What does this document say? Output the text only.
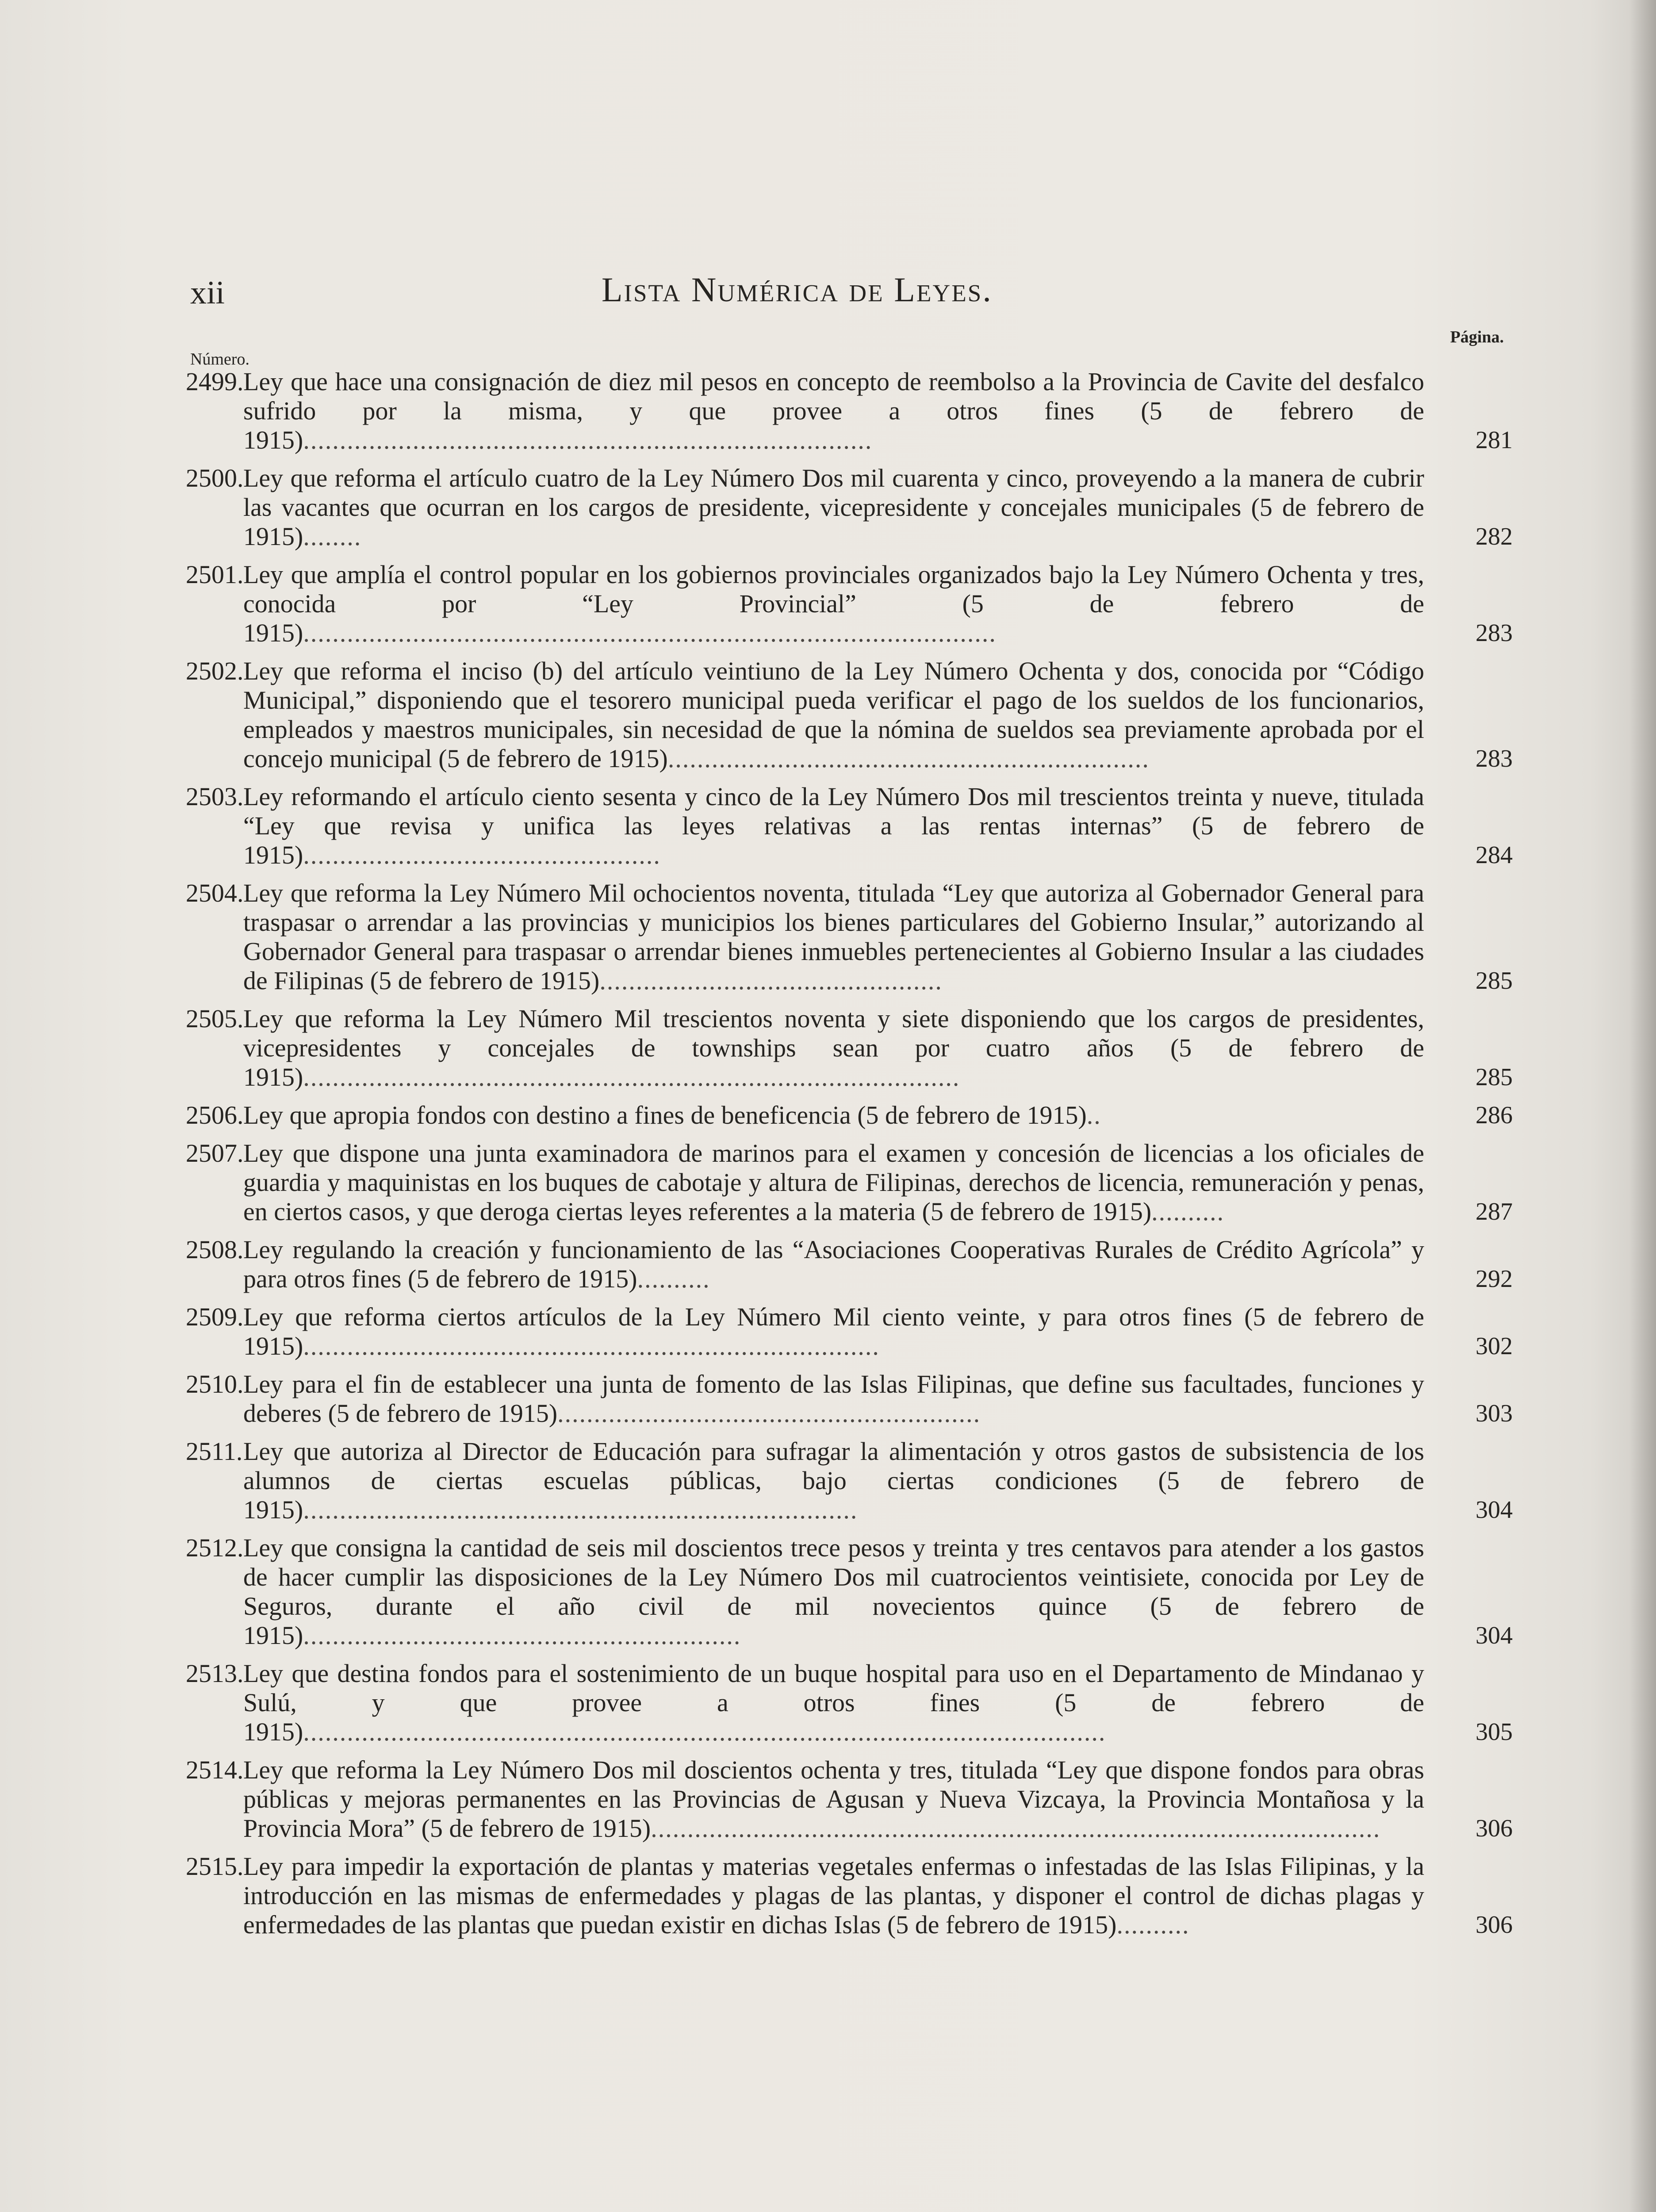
xii	Lista Numérica de Leyes.
Número.
Página.
2499. Ley que hace una consignación de diez mil pesos en concepto de reembolso a la Provincia de Cavite del desfalco sufrido por la misma, y que provee a otros fines (5 de febrero de 1915)..............................................................................	281
2500. Ley que reforma el artículo cuatro de la Ley Número Dos mil cuarenta y cinco, proveyendo a la manera de cubrir las vacantes que ocurran en los cargos de presidente, vicepresidente y concejales municipales (5 de febrero de 1915)........	282
2501. Ley que amplía el control popular en los gobiernos provinciales organizados bajo la Ley Número Ochenta y tres, conocida por “Ley Provincial” (5 de febrero de 1915)...............................................................................................	283
2502. Ley que reforma el inciso (b) del artículo veintiuno de la Ley Número Ochenta y dos, conocida por “Código Municipal,” disponiendo que el tesorero municipal pueda verificar el pago de los sueldos de los funcionarios, empleados y maestros municipales, sin necesidad de que la nómina de sueldos sea previamente aprobada por el concejo municipal (5 de febrero de 1915)..................................................................	283
2503. Ley reformando el artículo ciento sesenta y cinco de la Ley Número Dos mil trescientos treinta y nueve, titulada “Ley que revisa y unifica las leyes relativas a las rentas internas” (5 de febrero de 1915).................................................	284
2504. Ley que reforma la Ley Número Mil ochocientos noventa, titulada “Ley que autoriza al Gobernador General para traspasar o arrendar a las provincias y municipios los bienes particulares del Gobierno Insular,” autorizando al Gobernador General para traspasar o arrendar bienes inmuebles pertenecientes al Gobierno Insular a las ciudades de Filipinas (5 de febrero de 1915)...............................................	285
2505. Ley que reforma la Ley Número Mil trescientos noventa y siete disponiendo que los cargos de presidentes, vicepresidentes y concejales de townships sean por cuatro años (5 de febrero de 1915)..........................................................................................	285
2506. Ley que apropia fondos con destino a fines de beneficencia (5 de febrero de 1915)..	286
2507. Ley que dispone una junta examinadora de marinos para el examen y concesión de licencias a los oficiales de guardia y maquinistas en los buques de cabotaje y altura de Filipinas, derechos de licencia, remuneración y penas, en ciertos casos, y que deroga ciertas leyes referentes a la materia (5 de febrero de 1915)..........	287
2508. Ley regulando la creación y funcionamiento de las “Asociaciones Cooperativas Rurales de Crédito Agrícola” y para otros fines (5 de febrero de 1915)..........	292
2509. Ley que reforma ciertos artículos de la Ley Número Mil ciento veinte, y para otros fines (5 de febrero de 1915)...............................................................................	302
2510. Ley para el fin de establecer una junta de fomento de las Islas Filipinas, que define sus facultades, funciones y deberes (5 de febrero de 1915)..........................................................	303
2511. Ley que autoriza al Director de Educación para sufragar la alimentación y otros gastos de subsistencia de los alumnos de ciertas escuelas públicas, bajo ciertas condiciones (5 de febrero de 1915)............................................................................	304
2512. Ley que consigna la cantidad de seis mil doscientos trece pesos y treinta y tres centavos para atender a los gastos de hacer cumplir las disposiciones de la Ley Número Dos mil cuatrocientos veintisiete, conocida por Ley de Seguros, durante el año civil de mil novecientos quince (5 de febrero de 1915)............................................................	304
2513. Ley que destina fondos para el sostenimiento de un buque hospital para uso en el Departamento de Mindanao y Sulú, y que provee a otros fines (5 de febrero de 1915)..............................................................................................................	305
2514. Ley que reforma la Ley Número Dos mil doscientos ochenta y tres, titulada “Ley que dispone fondos para obras públicas y mejoras permanentes en las Provincias de Agusan y Nueva Vizcaya, la Provincia Montañosa y la Provincia Mora” (5 de febrero de 1915)....................................................................................................	306
2515. Ley para impedir la exportación de plantas y materias vegetales enfermas o infestadas de las Islas Filipinas, y la introducción en las mismas de enfermedades y plagas de las plantas, y disponer el control de dichas plagas y enfermedades de las plantas que puedan existir en dichas Islas (5 de febrero de 1915)..........	306
